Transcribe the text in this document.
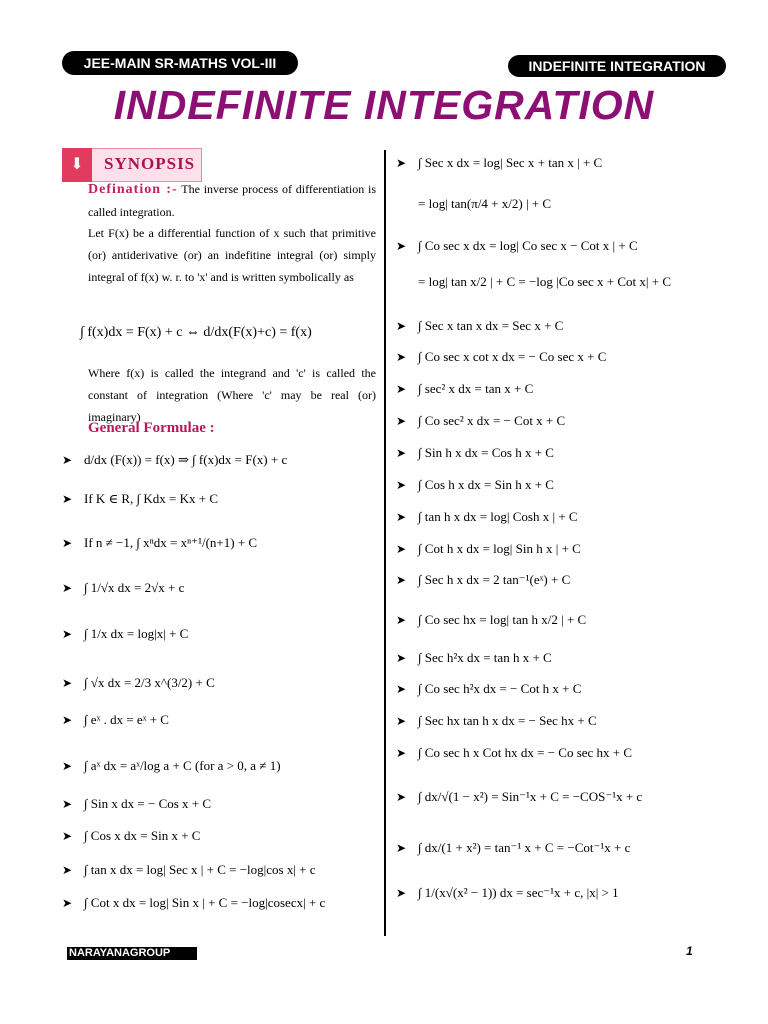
JEE-MAIN SR-MATHS VOL-III	INDEFINITE INTEGRATION
INDEFINITE INTEGRATION
⬇	SYNOPSIS
Defination :- The inverse process of differentiation is called integration.
Let F(x) be a differential function of x such that primitive (or) antiderivative (or) an indefitine integral (or) simply integral of f(x) w. r. to 'x' and is written symbolically as
∫ f(x)dx = F(x) + c ⇔ d/dx(F(x)+c) = f(x)
Where f(x) is called the integrand and 'c' is called the constant of integration (Where 'c' may be real (or) imaginary)
General Formulae :
➤ d/dx (F(x)) = f(x) ⇒ ∫ f(x)dx = F(x) + c
➤ If K ∈ R, ∫ Kdx = Kx + C
➤ If n ≠ −1, ∫ xⁿdx = xⁿ⁺¹/(n+1) + C
➤ ∫ 1/√x dx = 2√x + c
➤ ∫ 1/x dx = log|x| + C
➤ ∫ √x dx = 2/3 x^(3/2) + C
➤ ∫ eˣ . dx = eˣ + C
➤ ∫ aˣ dx = aˣ/log a + C (for a > 0, a ≠ 1)
➤ ∫ Sin x dx = − Cos x + C
➤ ∫ Cos x dx = Sin x + C
➤ ∫ tan x dx = log| Sec x | + C = −log|cos x| + c
➤ ∫ Cot x dx = log| Sin x | + C = −log|cosecx| + c
➤ ∫ Sec x dx = log| Sec x + tan x | + C
= log| tan(π/4 + x/2) | + C
➤ ∫ Co sec x dx = log| Co sec x − Cot x | + C
= log| tan x/2 | + C = −log |Co sec x + Cot x| + C
➤ ∫ Sec x tan x dx = Sec x + C
➤ ∫ Co sec x cot x dx = − Co sec x + C
➤ ∫ sec² x dx = tan x + C
➤ ∫ Co sec² x dx = − Cot x + C
➤ ∫ Sin h x dx = Cos h x + C
➤ ∫ Cos h x dx = Sin h x + C
➤ ∫ tan h x dx = log| Cosh x | + C
➤ ∫ Cot h x dx = log| Sin h x | + C
➤ ∫ Sec h x dx = 2 tan⁻¹(eˣ) + C
➤ ∫ Co sec hx = log| tan h x/2 | + C
➤ ∫ Sec h²x dx = tan h x + C
➤ ∫ Co sec h²x dx = − Cot h x + C
➤ ∫ Sec hx tan h x dx = − Sec hx + C
➤ ∫ Co sec h x Cot hx dx = − Co sec hx + C
➤ ∫ dx/√(1 − x²) = Sin⁻¹x + C = −COS⁻¹x + c
➤ ∫ dx/(1 + x²) = tan⁻¹ x + C = −Cot⁻¹x + c
➤ ∫ 1/(x√(x² − 1)) dx = sec⁻¹x + c, |x| > 1
NARAYANAGROUP	1
